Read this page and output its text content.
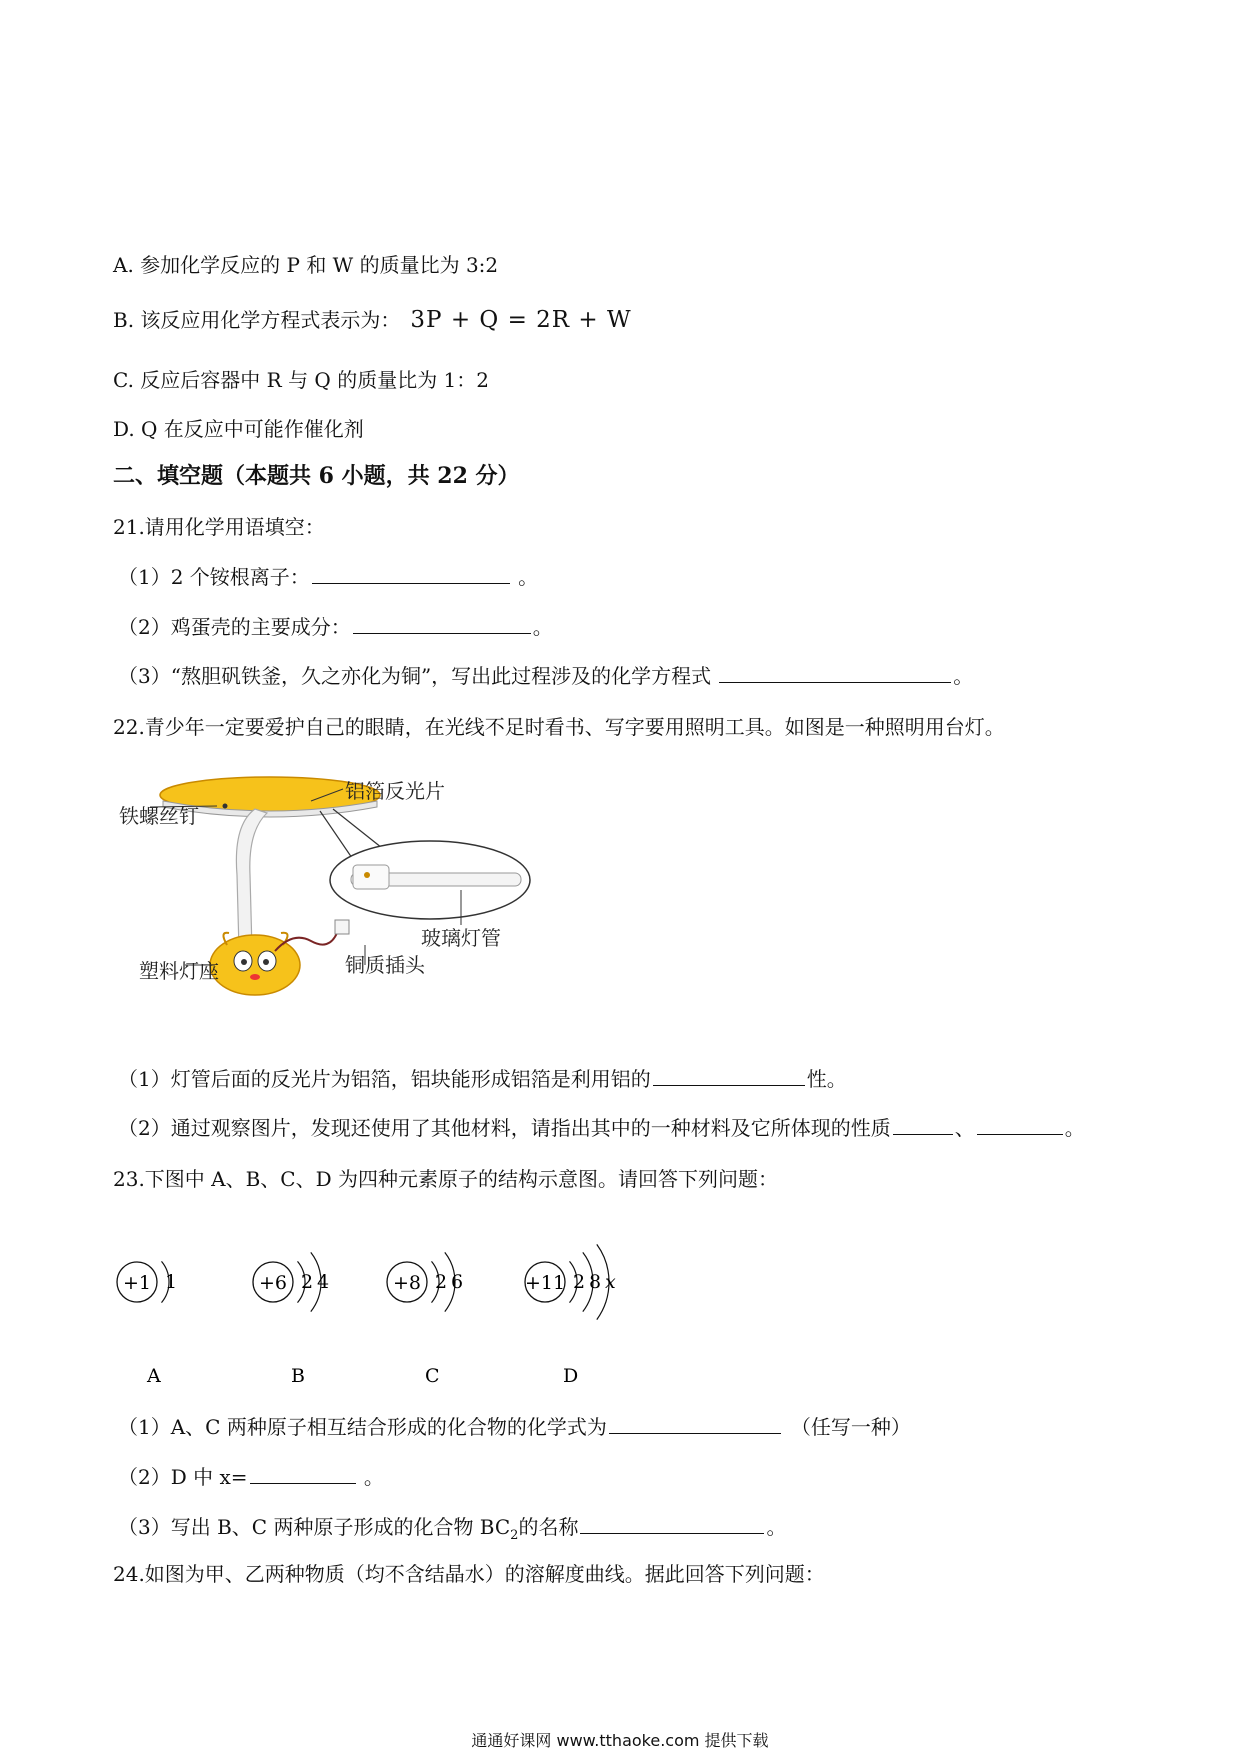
A. 参加化学反应的 P 和 W 的质量比为 3:2
B. 该反应用化学方程式表示为： 3P + Q = 2R + W
C. 反应后容器中 R 与 Q 的质量比为 1：2
D. Q 在反应中可能作催化剂
二、填空题（本题共 6 小题，共 22 分）
21.请用化学用语填空：
（1）2 个铵根离子：	。
（2）鸡蛋壳的主要成分：	。
（3）“熬胆矾铁釜，久之亦化为铜”，写出此过程涉及的化学方程式	。
22.青少年一定要爱护自己的眼睛，在光线不足时看书、写字要用照明工具。如图是一种照明用台灯。
铁螺丝钉
铝箔反光片
玻璃灯管
铜质插头
塑料灯座
（1）灯管后面的反光片为铝箔，铝块能形成铝箔是利用铝的	性。
（2）通过观察图片，发现还使用了其他材料，请指出其中的一种材料及它所体现的性质	、	。
23.下图中 A、B、C、D 为四种元素原子的结构示意图。请回答下列问题：
+1 1
A
+6 2 4
B
+8 2 6
C
+11 2 8 x
D
（1）A、C 两种原子相互结合形成的化合物的化学式为	（任写一种）
（2）D 中 x=	。
（3）写出 B、C 两种原子形成的化合物 $BC_2$的名称	。
24.如图为甲、乙两种物质（均不含结晶水）的溶解度曲线。据此回答下列问题：
通通好课网 www.tthaoke.com 提供下载
